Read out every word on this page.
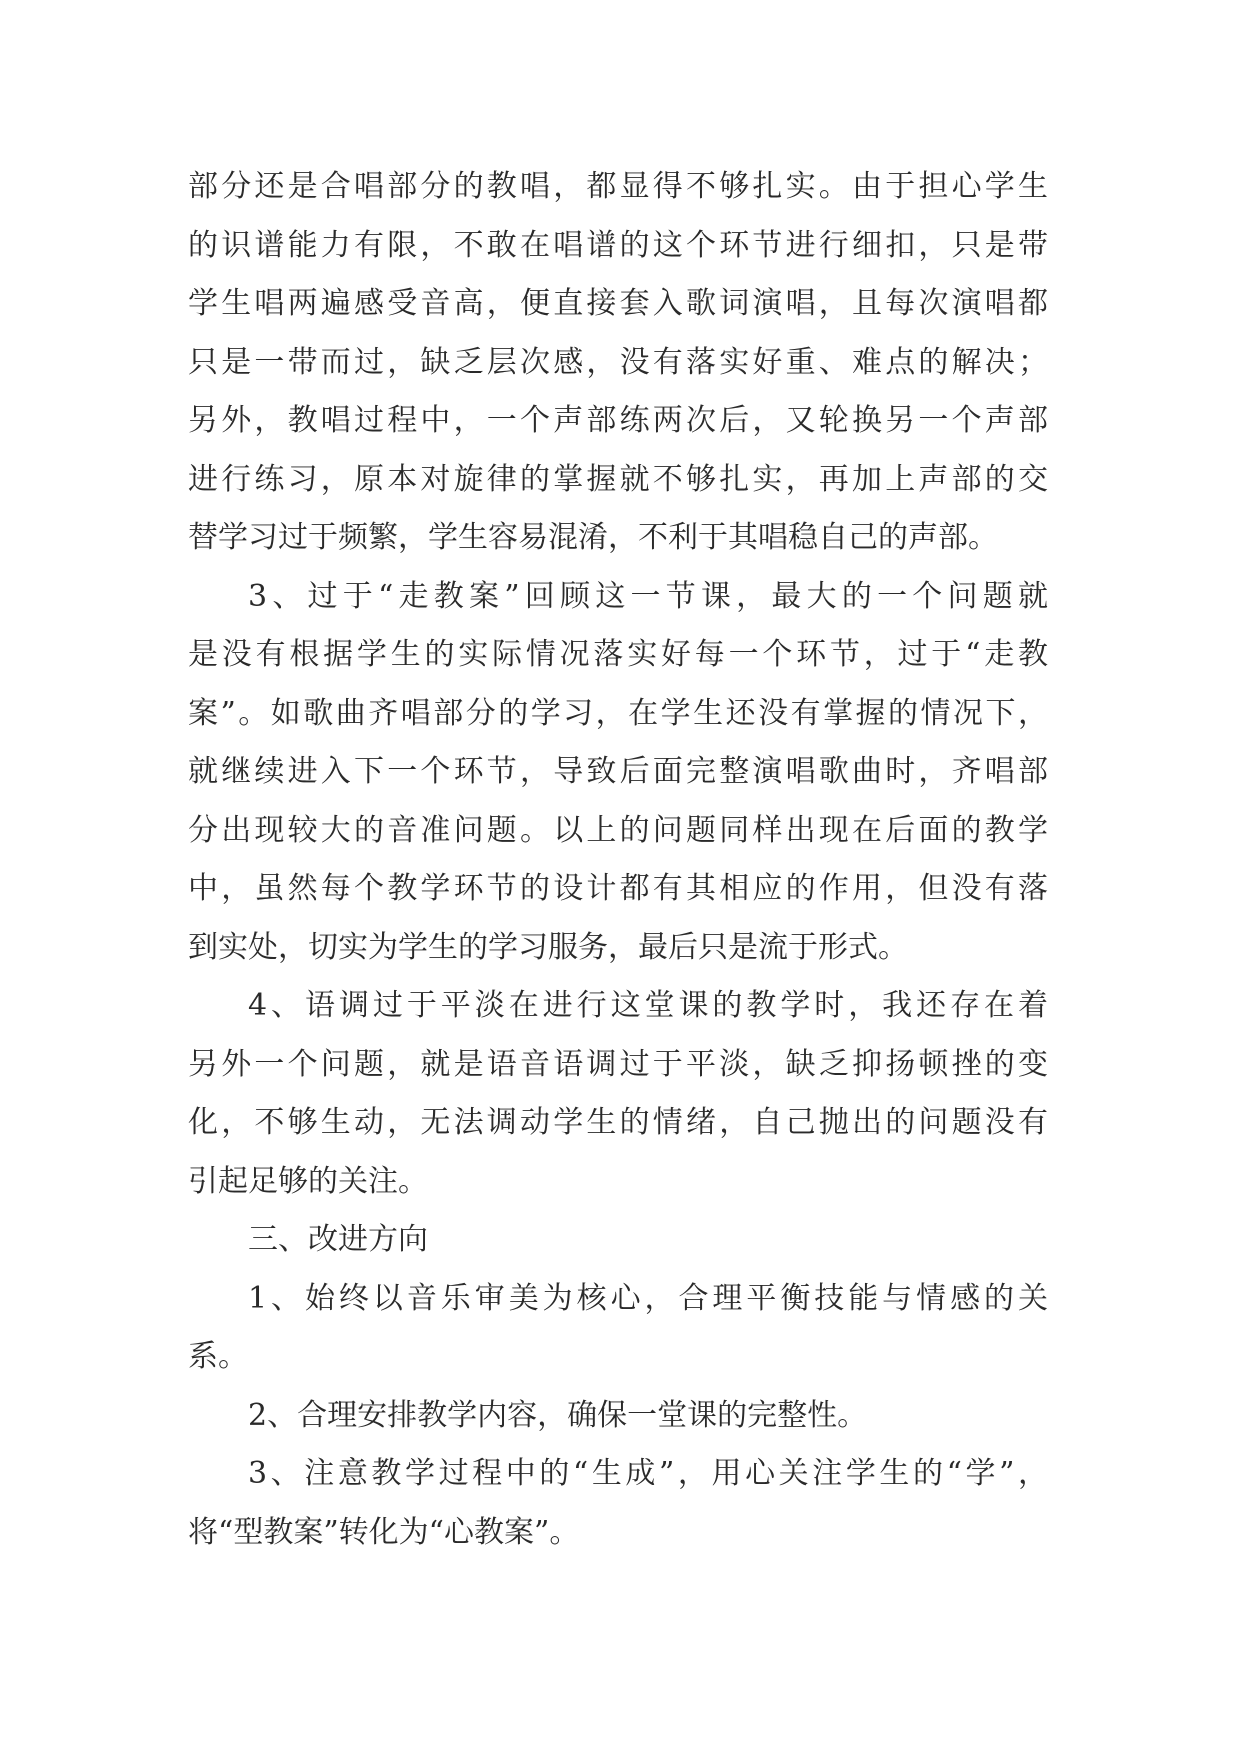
部分还是合唱部分的教唱，都显得不够扎实。由于担心学生
的识谱能力有限，不敢在唱谱的这个环节进行细扣，只是带
学生唱两遍感受音高，便直接套入歌词演唱，且每次演唱都
只是一带而过，缺乏层次感，没有落实好重、难点的解决；
另外，教唱过程中，一个声部练两次后，又轮换另一个声部
进行练习，原本对旋律的掌握就不够扎实，再加上声部的交
替学习过于频繁，学生容易混淆，不利于其唱稳自己的声部。
3、过于“走教案”回顾这一节课，最大的一个问题就
是没有根据学生的实际情况落实好每一个环节，过于“走教
案”。如歌曲齐唱部分的学习，在学生还没有掌握的情况下，
就继续进入下一个环节，导致后面完整演唱歌曲时，齐唱部
分出现较大的音准问题。以上的问题同样出现在后面的教学
中，虽然每个教学环节的设计都有其相应的作用，但没有落
到实处，切实为学生的学习服务，最后只是流于形式。
4、语调过于平淡在进行这堂课的教学时，我还存在着
另外一个问题，就是语音语调过于平淡，缺乏抑扬顿挫的变
化，不够生动，无法调动学生的情绪，自己抛出的问题没有
引起足够的关注。
三、改进方向
1、始终以音乐审美为核心，合理平衡技能与情感的关
系。
2、合理安排教学内容，确保一堂课的完整性。
3、注意教学过程中的“生成”，用心关注学生的“学”，
将“型教案”转化为“心教案”。
